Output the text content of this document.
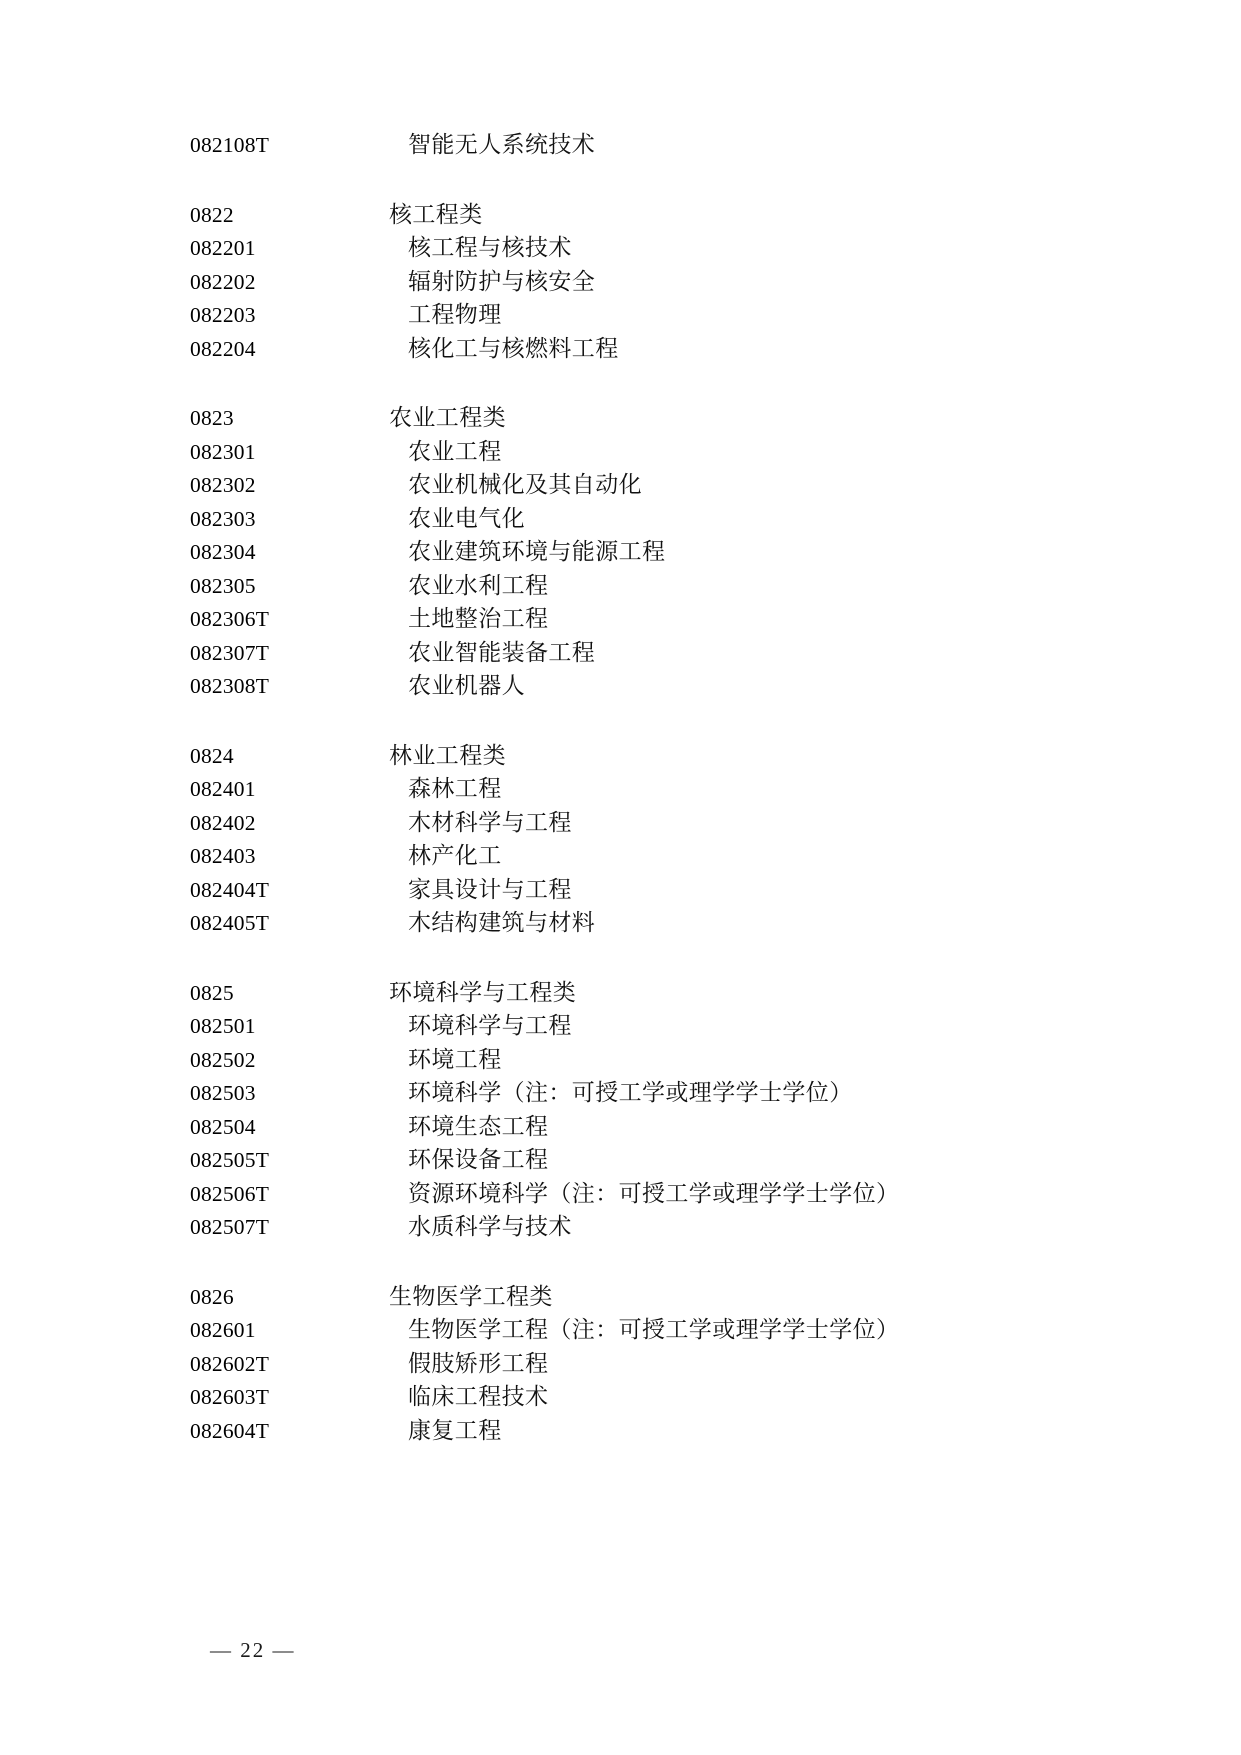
082108T	智能无人系统技术
0822	核工程类
082201	核工程与核技术
082202	辐射防护与核安全
082203	工程物理
082204	核化工与核燃料工程
0823	农业工程类
082301	农业工程
082302	农业机械化及其自动化
082303	农业电气化
082304	农业建筑环境与能源工程
082305	农业水利工程
082306T	土地整治工程
082307T	农业智能装备工程
082308T	农业机器人
0824	林业工程类
082401	森林工程
082402	木材科学与工程
082403	林产化工
082404T	家具设计与工程
082405T	木结构建筑与材料
0825	环境科学与工程类
082501	环境科学与工程
082502	环境工程
082503	环境科学（注：可授工学或理学学士学位）
082504	环境生态工程
082505T	环保设备工程
082506T	资源环境科学（注：可授工学或理学学士学位）
082507T	水质科学与技术
0826	生物医学工程类
082601	生物医学工程（注：可授工学或理学学士学位）
082602T	假肢矫形工程
082603T	临床工程技术
082604T	康复工程
— 22 —
